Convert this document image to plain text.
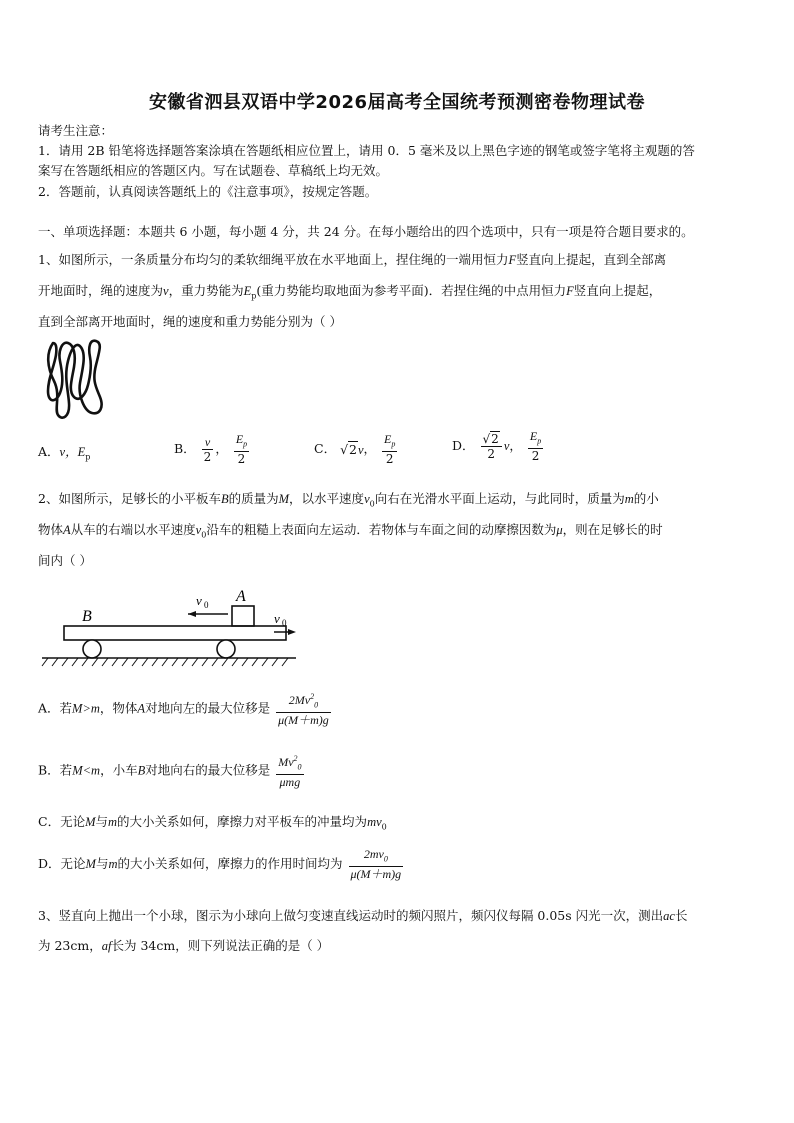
安徽省泗县双语中学2026届高考全国统考预测密卷物理试卷
请考生注意：
1．请用 2B 铅笔将选择题答案涂填在答题纸相应位置上，请用 0．5 毫米及以上黑色字迹的钢笔或签字笔将主观题的答
案写在答题纸相应的答题区内。写在试题卷、草稿纸上均无效。
2．答题前，认真阅读答题纸上的《注意事项》，按规定答题。
一、单项选择题：本题共 6 小题，每小题 4 分，共 24 分。在每小题给出的四个选项中，只有一项是符合题目要求的。
1、如图所示，一条质量分布均匀的柔软细绳平放在水平地面上，捏住绳的一端用恒力F竖直向上提起，直到全部离
开地面时，绳的速度为v，重力势能为$E_p$(重力势能均取地面为参考平面)．若捏住绳的中点用恒力F竖直向上提起，
直到全部离开地面时，绳的速度和重力势能分别为（ ）
A．v，$E_p$
B． $\frac{v}{2}$ ， $\frac{E_p}{2}$	C． √2v， $\frac{E_p}{2}$	D． $\frac{√2}{2}$ v， $\frac{E_p}{2}$
2、如图所示，足够长的小平板车B的质量为M，以水平速度$v_0$向右在光滑水平面上运动，与此同时，质量为m的小
物体A从车的右端以水平速度$v_0$沿车的粗糙上表面向左运动．若物体与车面之间的动摩擦因数为μ，则在足够长的时
间内（ ）
B
A
v 0
v 0
A．若M>m，物体A对地向左的最大位移是 $\frac{2Mv^2_0}{\mu(M+m)g}$
B．若M<m，小车B对地向右的最大位移是 $\frac{Mv^2_0}{\text{μmg}}$
C．无论M与m的大小关系如何，摩擦力对平板车的冲量均为$mv_0$
D．无论M与m的大小关系如何，摩擦力的作用时间均为 $\frac{2mv_0}{\mu(M+m)g}$
3、竖直向上抛出一个小球，图示为小球向上做匀变速直线运动时的频闪照片，频闪仪每隔 0.05s 闪光一次，测出ac长
为 23cm，af长为 34cm，则下列说法正确的是（ ）
